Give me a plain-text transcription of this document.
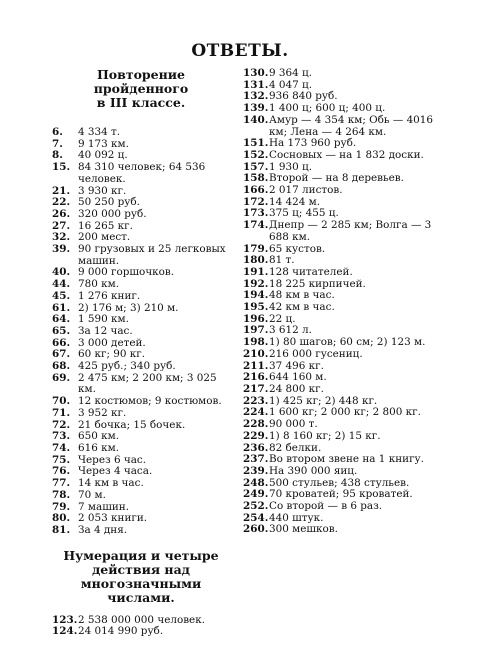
ОТВЕТЫ.
Повторение пройденного
в III классе.
6. 4 334 т.
7. 9 173 км.
8. 40 092 ц.
15. 84 310 человек; 64 536 человек.
21. 3 930 кг.
22. 50 250 руб.
26. 320 000 руб.
27. 16 265 кг.
32. 200 мест.
39. 90 грузовых и 25 легковых машин.
40. 9 000 горшочков.
44. 780 км.
45. 1 276 книг.
61. 2) 176 м; 3) 210 м.
64. 1 590 км.
65. За 12 час.
66. 3 000 детей.
67. 60 кг; 90 кг.
68. 425 руб.; 340 руб.
69. 2 475 км; 2 200 км; 3 025 км.
70. 12 костюмов; 9 костюмов.
71. 3 952 кг.
72. 21 бочка; 15 бочек.
73. 650 км.
74. 616 км.
75. Через 6 час.
76. Через 4 часа.
77. 14 км в час.
78. 70 м.
79. 7 машин.
80. 2 053 книги.
81. За 4 дня.
Нумерация и четыре
действия над многозначными
числами.
123. 2 538 000 000 человек.
124. 24 014 990 руб.
130. 9 364 ц.
131. 4 047 ц.
132. 936 840 руб.
139. 1 400 ц; 600 ц; 400 ц.
140. Амур — 4 354 км; Обь — 4016 км; Лена — 4 264 км.
151. На 173 960 руб.
152. Сосновых — на 1 832 доски.
157. 1 930 ц.
158. Второй — на 8 деревьев.
166. 2 017 листов.
172. 14 424 м.
173. 375 ц; 455 ц.
174. Днепр — 2 285 км; Волга — 3 688 км.
179. 65 кустов.
180. 81 т.
191. 128 читателей.
192. 18 225 кирпичей.
194. 48 км в час.
195. 42 км в час.
196. 22 ц.
197. 3 612 л.
198. 1) 80 шагов; 60 см; 2) 123 м.
210. 216 000 гусениц.
211. 37 496 кг.
216. 644 160 м.
217. 24 800 кг.
223. 1) 425 кг; 2) 448 кг.
224. 1 600 кг; 2 000 кг; 2 800 кг.
228. 90 000 т.
229. 1) 8 160 кг; 2) 15 кг.
236. 82 белки.
237. Во втором звене на 1 книгу.
239. На 390 000 яиц.
248. 500 стульев; 438 стульев.
249. 70 кроватей; 95 кроватей.
252. Со второй — в 6 раз.
254. 440 штук.
260. 300 мешков.
